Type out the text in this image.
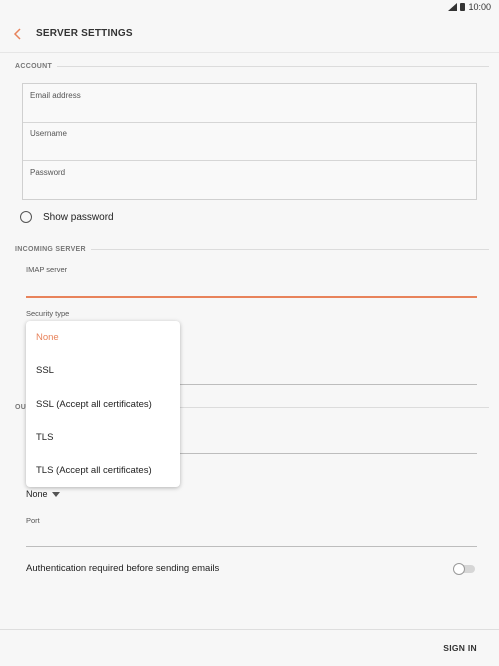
10:00
SERVER SETTINGS
ACCOUNT
Email address
Username
Password
Show password
INCOMING SERVER
IMAP server
Security type
OU
None
Port
Authentication required before sending emails
SIGN IN
None
SSL
SSL (Accept all certificates)
TLS
TLS (Accept all certificates)
